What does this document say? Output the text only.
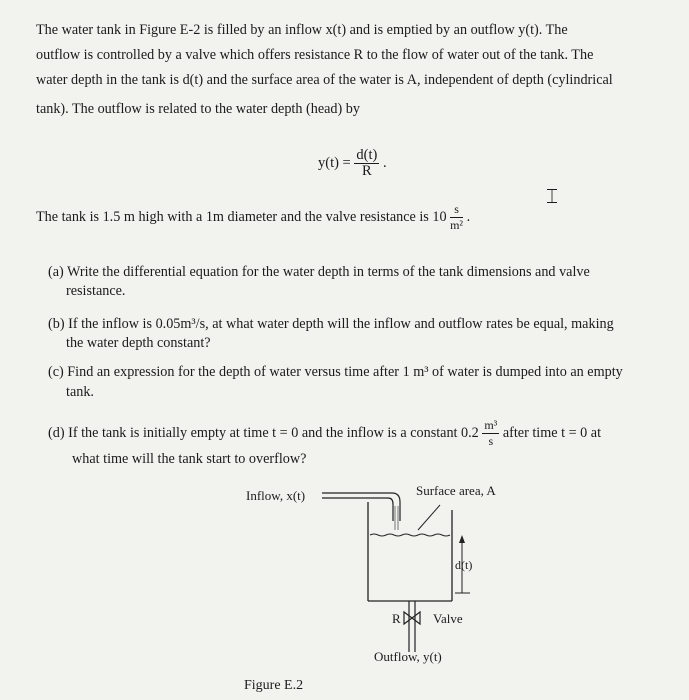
The water tank in Figure E-2 is filled by an inflow x(t) and is emptied by an outflow y(t). The
outflow is controlled by a valve which offers resistance R to the flow of water out of the tank. The
water depth in the tank is d(t) and the surface area of the water is A, independent of depth (cylindrical
tank). The outflow is related to the water depth (head) by
$y(t) = \frac{d(t)}{R}$ .
⌶
The tank is 1.5 m high with a 1m diameter and the valve resistance is $10 \frac{s}{\text{m²}}$ .
(a) Write the differential equation for the water depth in terms of the tank dimensions and valve
resistance.
(b) If the inflow is 0.05m³/s, at what water depth will the inflow and outflow rates be equal, making
the water depth constant?
(c) Find an expression for the depth of water versus time after 1 m³ of water is dumped into an empty
tank.
(d) If the tank is initially empty at time t = 0 and the inflow is a constant $0.2 \frac{\text{m³}}{s}$ after time t = 0 at
what time will the tank start to overflow?
Inflow, x(t)	Surface area, A
d(t)
R Valve
Outflow, y(t)
Figure E.2
